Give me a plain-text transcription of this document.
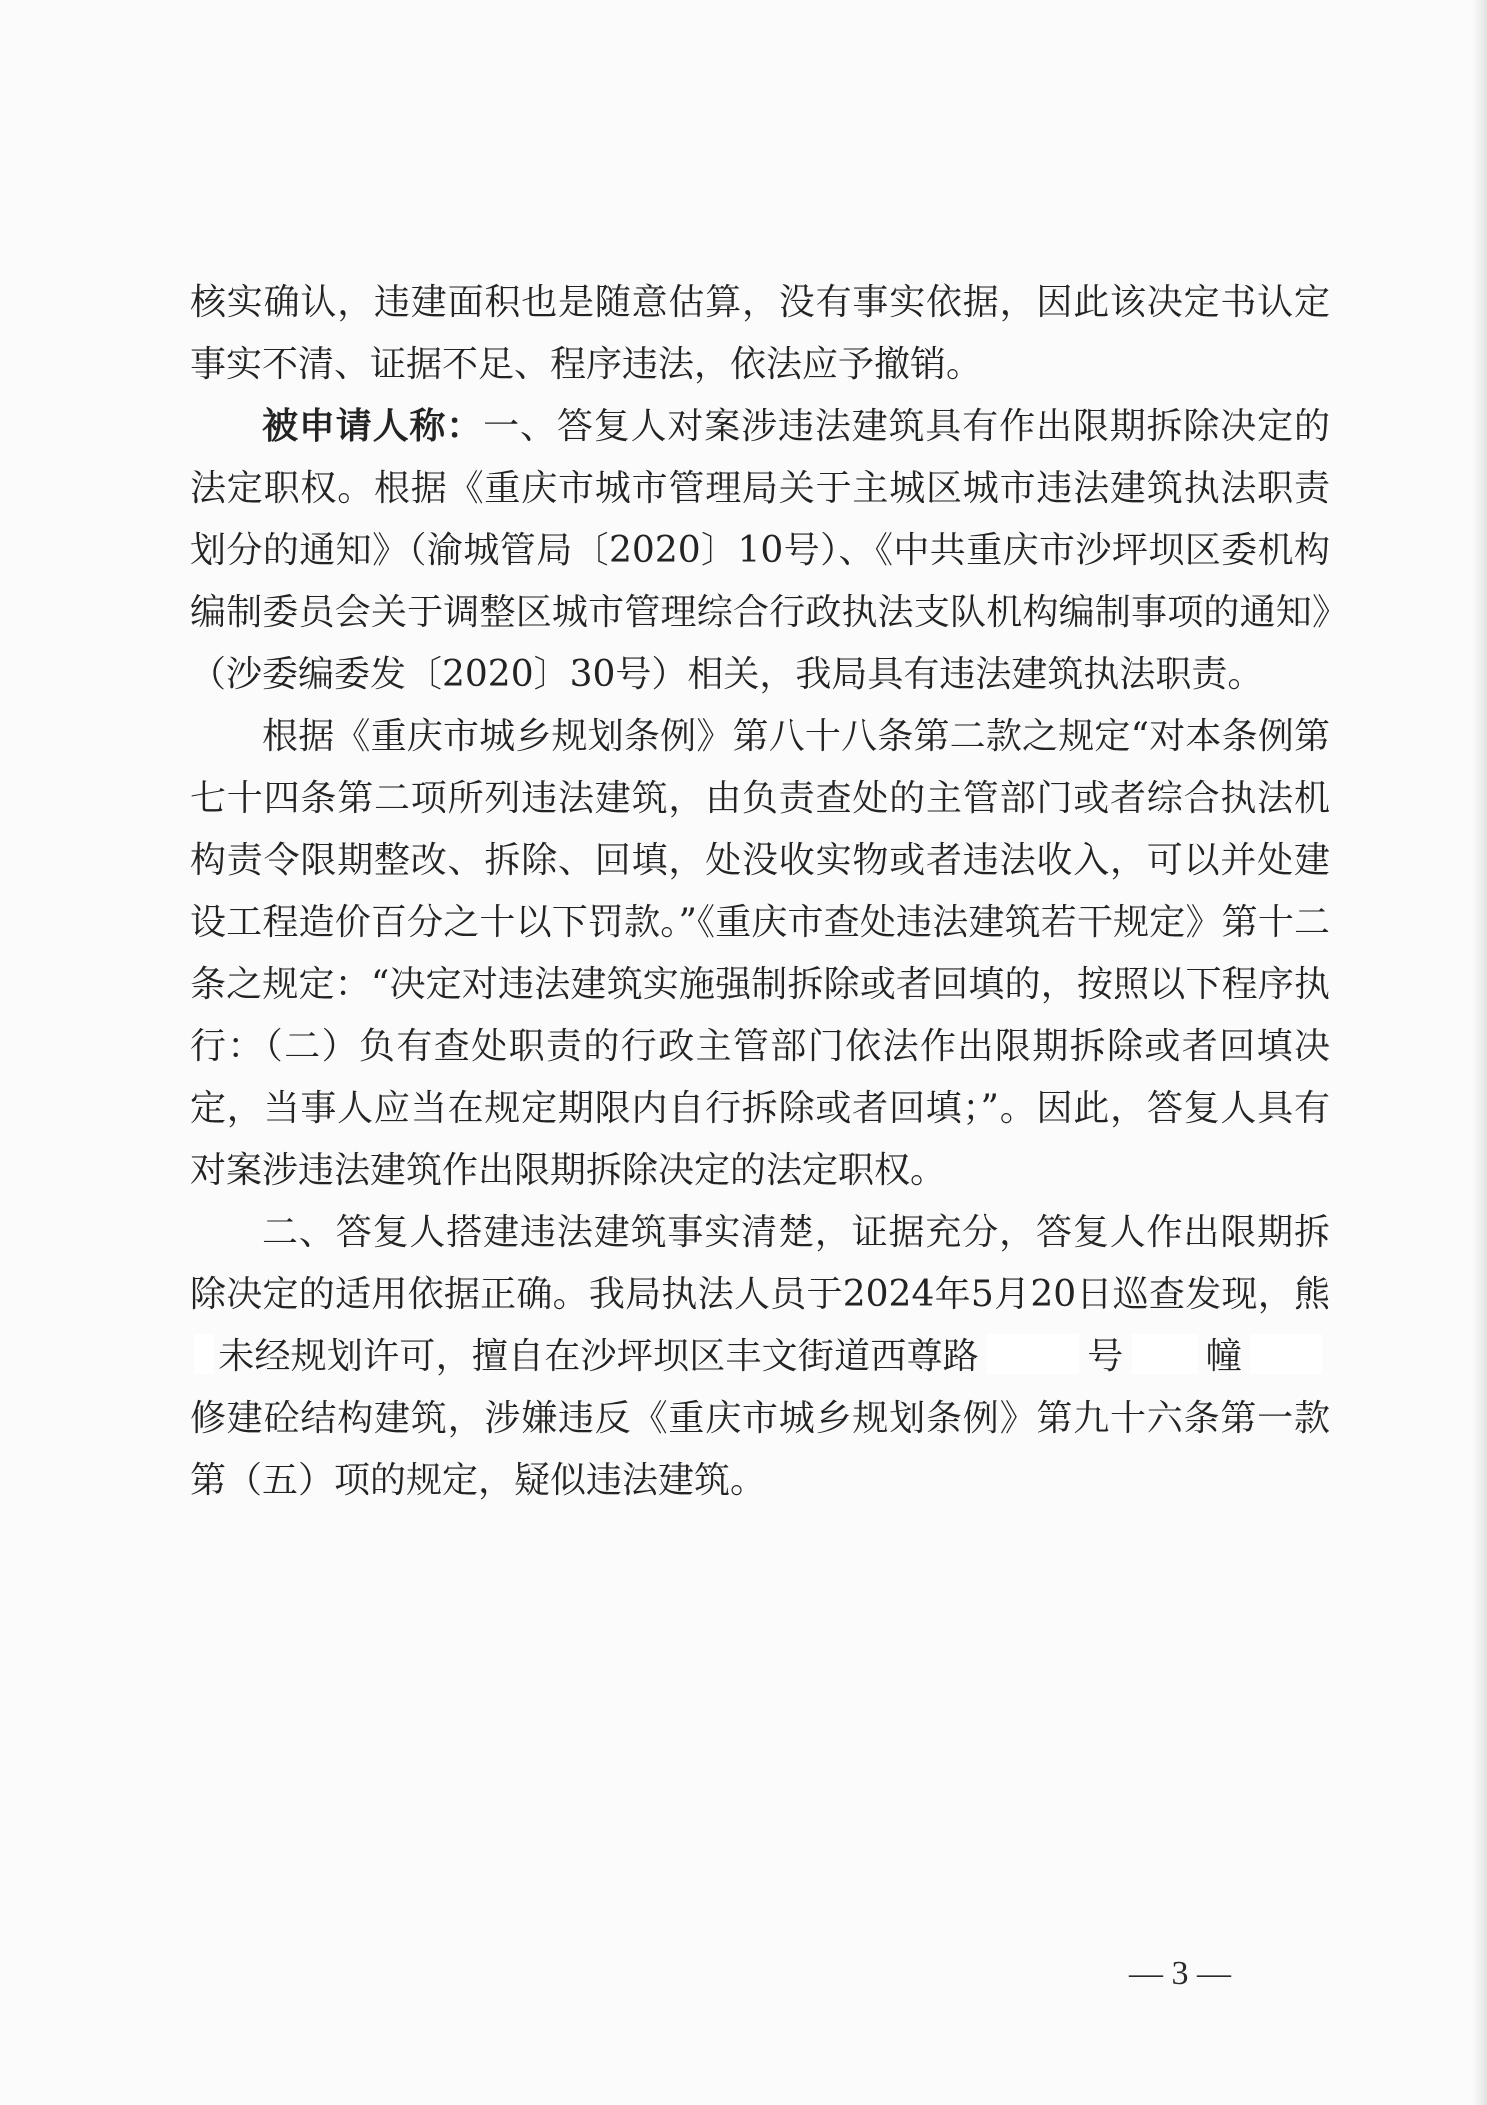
核实确认，违建面积也是随意估算，没有事实依据，因此该决定书认定事实不清、证据不足、程序违法，依法应予撤销。

被申请人称：一、答复人对案涉违法建筑具有作出限期拆除决定的法定职权。根据《重庆市城市管理局关于主城区城市违法建筑执法职责划分的通知》（渝城管局〔2020〕10号）、《中共重庆市沙坪坝区委机构编制委员会关于调整区城市管理综合行政执法支队机构编制事项的通知》（沙委编委发〔2020〕30号）相关，我局具有违法建筑执法职责。

根据《重庆市城乡规划条例》第八十八条第二款之规定“对本条例第七十四条第二项所列违法建筑，由负责查处的主管部门或者综合执法机构责令限期整改、拆除、回填，处没收实物或者违法收入，可以并处建设工程造价百分之十以下罚款。”《重庆市查处违法建筑若干规定》第十二条之规定：“决定对违法建筑实施强制拆除或者回填的，按照以下程序执行：（二）负有查处职责的行政主管部门依法作出限期拆除或者回填决定，当事人应当在规定期限内自行拆除或者回填；”。因此，答复人具有对案涉违法建筑作出限期拆除决定的法定职权。

二、答复人搭建违法建筑事实清楚，证据充分，答复人作出限期拆除决定的适用依据正确。我局执法人员于2024年5月20日巡查发现，熊未经规划许可，擅自在沙坪坝区丰文街道西尊路	号 幢修建砼结构建筑，涉嫌违反《重庆市城乡规划条例》第九十六条第一款第（五）项的规定，疑似违法建筑。

— 3 —
